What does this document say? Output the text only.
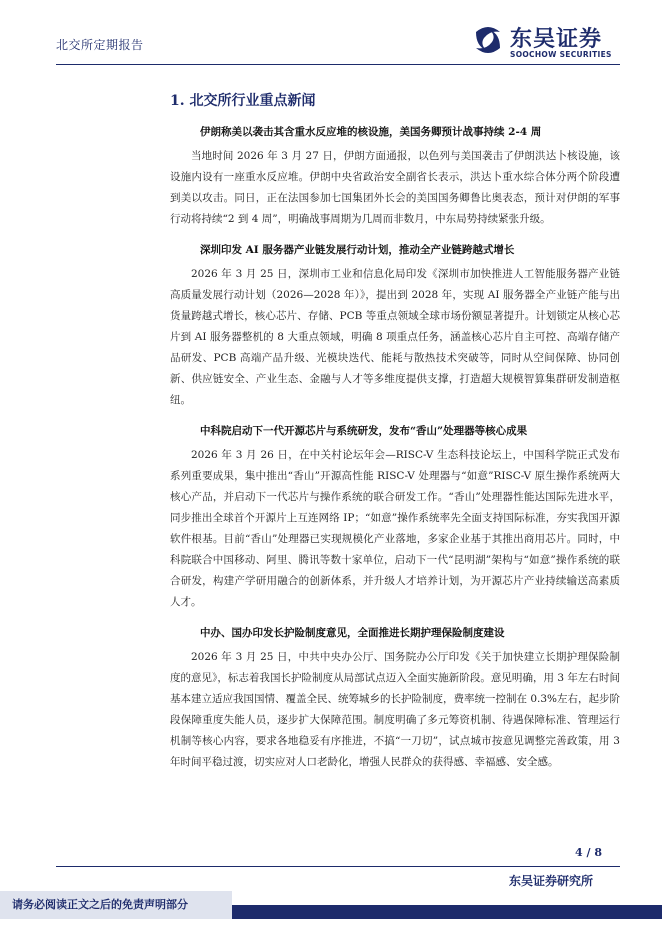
北交所定期报告	东吴证券
SOOCHOW SECURITIES
1. 北交所行业重点新闻

伊朗称美以袭击其含重水反应堆的核设施，美国务卿预计战事持续 2-4 周

当地时间 2026 年 3 月 27 日，伊朗方面通报，以色列与美国袭击了伊朗洪达卜核设施，该设施内设有一座重水反应堆。伊朗中央省政治安全副省长表示，洪达卜重水综合体分两个阶段遭到美以攻击。同日，正在法国参加七国集团外长会的美国国务卿鲁比奥表态，预计对伊朗的军事行动将持续“2 到 4 周”，明确战事周期为几周而非数月，中东局势持续紧张升级。

深圳印发 AI 服务器产业链发展行动计划，推动全产业链跨越式增长

2026 年 3 月 25 日，深圳市工业和信息化局印发《深圳市加快推进人工智能服务器产业链高质量发展行动计划（2026—2028 年）》，提出到 2028 年，实现 AI 服务器全产业链产能与出货量跨越式增长，核心芯片、存储、PCB 等重点领域全球市场份额显著提升。计划锁定从核心芯片到 AI 服务器整机的 8 大重点领域，明确 8 项重点任务，涵盖核心芯片自主可控、高端存储产品研发、PCB 高端产品升级、光模块迭代、能耗与散热技术突破等，同时从空间保障、协同创新、供应链安全、产业生态、金融与人才等多维度提供支撑，打造超大规模智算集群研发制造枢纽。

中科院启动下一代开源芯片与系统研发，发布“香山”处理器等核心成果

2026 年 3 月 26 日，在中关村论坛年会—RISC-V 生态科技论坛上，中国科学院正式发布系列重要成果，集中推出“香山”开源高性能 RISC-V 处理器与“如意”RISC-V 原生操作系统两大核心产品，并启动下一代芯片与操作系统的联合研发工作。“香山”处理器性能达国际先进水平，同步推出全球首个开源片上互连网络 IP；“如意”操作系统率先全面支持国际标准，夯实我国开源软件根基。目前“香山”处理器已实现规模化产业落地，多家企业基于其推出商用芯片。同时，中科院联合中国移动、阿里、腾讯等数十家单位，启动下一代“昆明湖”架构与“如意”操作系统的联合研发，构建产学研用融合的创新体系，并升级人才培养计划，为开源芯片产业持续输送高素质人才。

中办、国办印发长护险制度意见，全面推进长期护理保险制度建设

2026 年 3 月 25 日，中共中央办公厅、国务院办公厅印发《关于加快建立长期护理保险制度的意见》，标志着我国长护险制度从局部试点迈入全面实施新阶段。意见明确，用 3 年左右时间基本建立适应我国国情、覆盖全民、统筹城乡的长护险制度，费率统一控制在 0.3%左右，起步阶段保障重度失能人员，逐步扩大保障范围。制度明确了多元筹资机制、待遇保障标准、管理运行机制等核心内容，要求各地稳妥有序推进，不搞“一刀切”，试点城市按意见调整完善政策，用 3 年时间平稳过渡，切实应对人口老龄化，增强人民群众的获得感、幸福感、安全感。

4 / 8
东吴证券研究所
请务必阅读正文之后的免责声明部分
